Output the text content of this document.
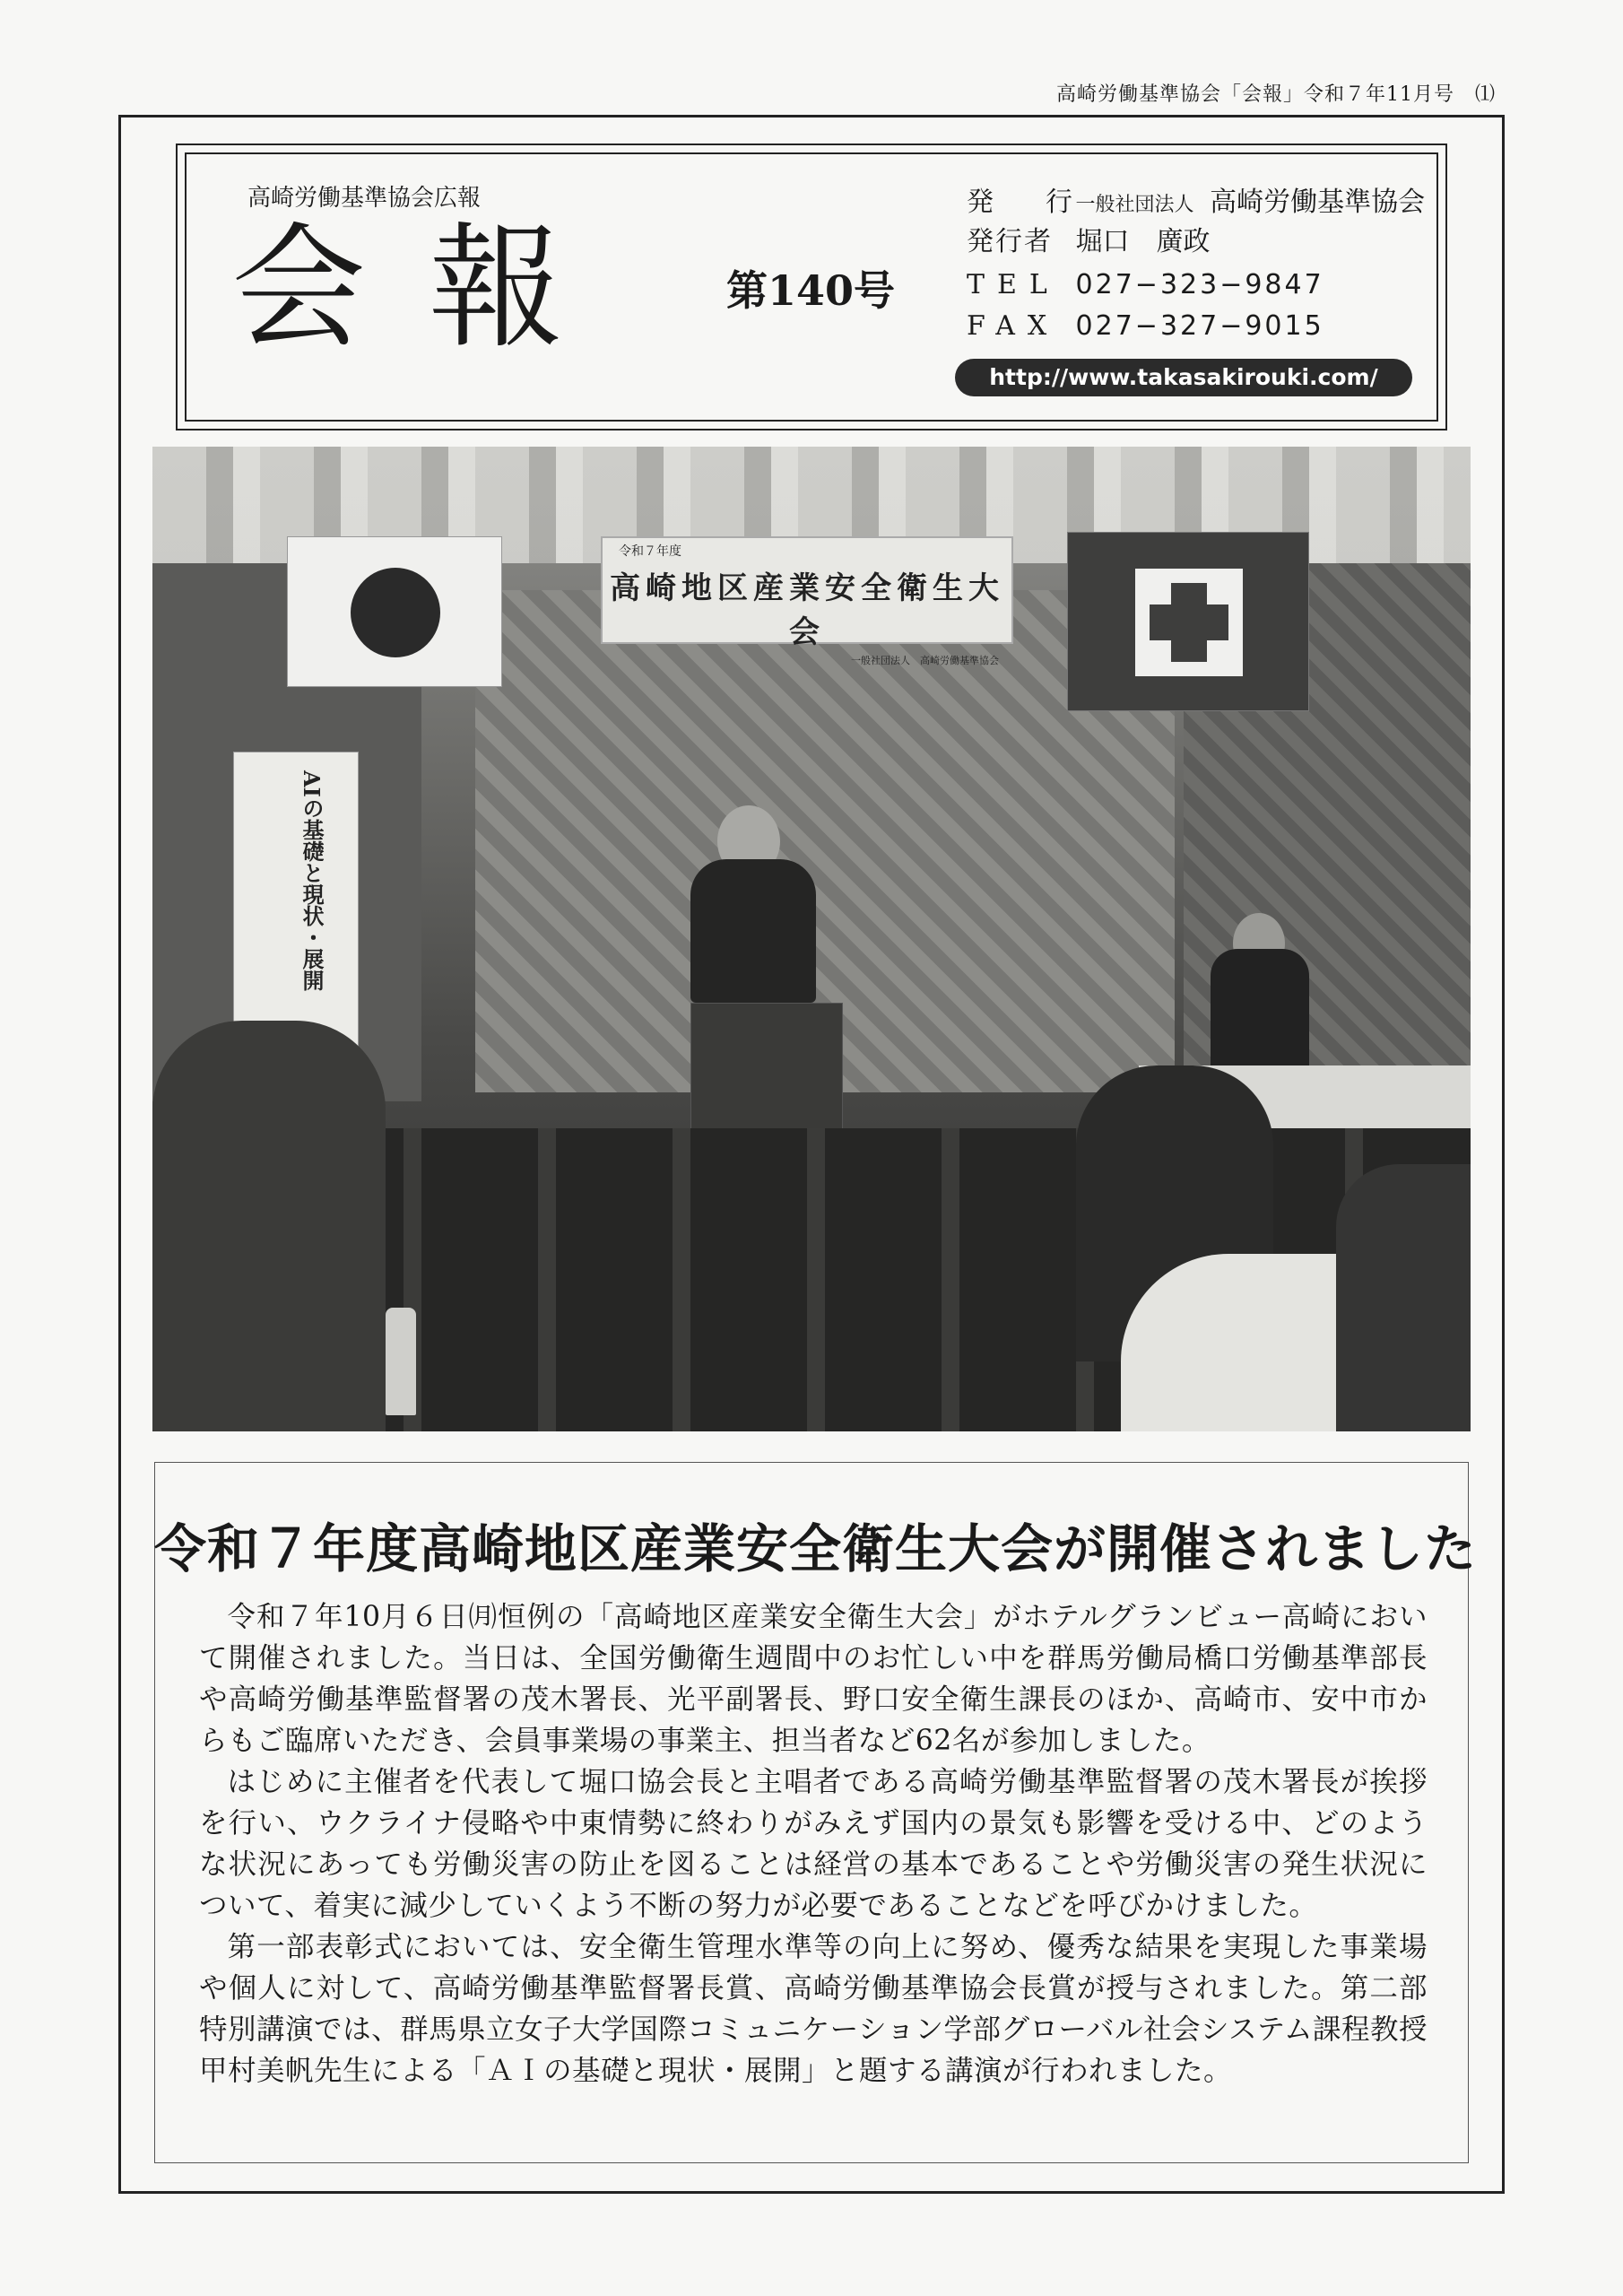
高崎労働基準協会「会報」令和７年11月号　⑴
高崎労働基準協会広報
会報 第140号
発　行 一般社団法人 高崎労働基準協会
発行者 堀口　廣政
TEL 027−323−9847
FAX 027−327−9015
http://www.takasakirouki.com/
令和７年度
高崎地区産業安全衛生大会
一般社団法人　高崎労働基準協会
AIの基礎と現状・展開
令和７年度高崎地区産業安全衛生大会が開催されました

令和７年10月６日㈪恒例の「高崎地区産業安全衛生大会」がホテルグランビュー高崎において開催されました。当日は、全国労働衛生週間中のお忙しい中を群馬労働局橋口労働基準部長や高崎労働基準監督署の茂木署長、光平副署長、野口安全衛生課長のほか、高崎市、安中市からもご臨席いただき、会員事業場の事業主、担当者など62名が参加しました。

はじめに主催者を代表して堀口協会長と主唱者である高崎労働基準監督署の茂木署長が挨拶を行い、ウクライナ侵略や中東情勢に終わりがみえず国内の景気も影響を受ける中、どのような状況にあっても労働災害の防止を図ることは経営の基本であることや労働災害の発生状況について、着実に減少していくよう不断の努力が必要であることなどを呼びかけました。

第一部表彰式においては、安全衛生管理水準等の向上に努め、優秀な結果を実現した事業場や個人に対して、高崎労働基準監督署長賞、高崎労働基準協会長賞が授与されました。第二部特別講演では、群馬県立女子大学国際コミュニケーション学部グローバル社会システム課程教授甲村美帆先生による「ＡＩの基礎と現状・展開」と題する講演が行われました。
